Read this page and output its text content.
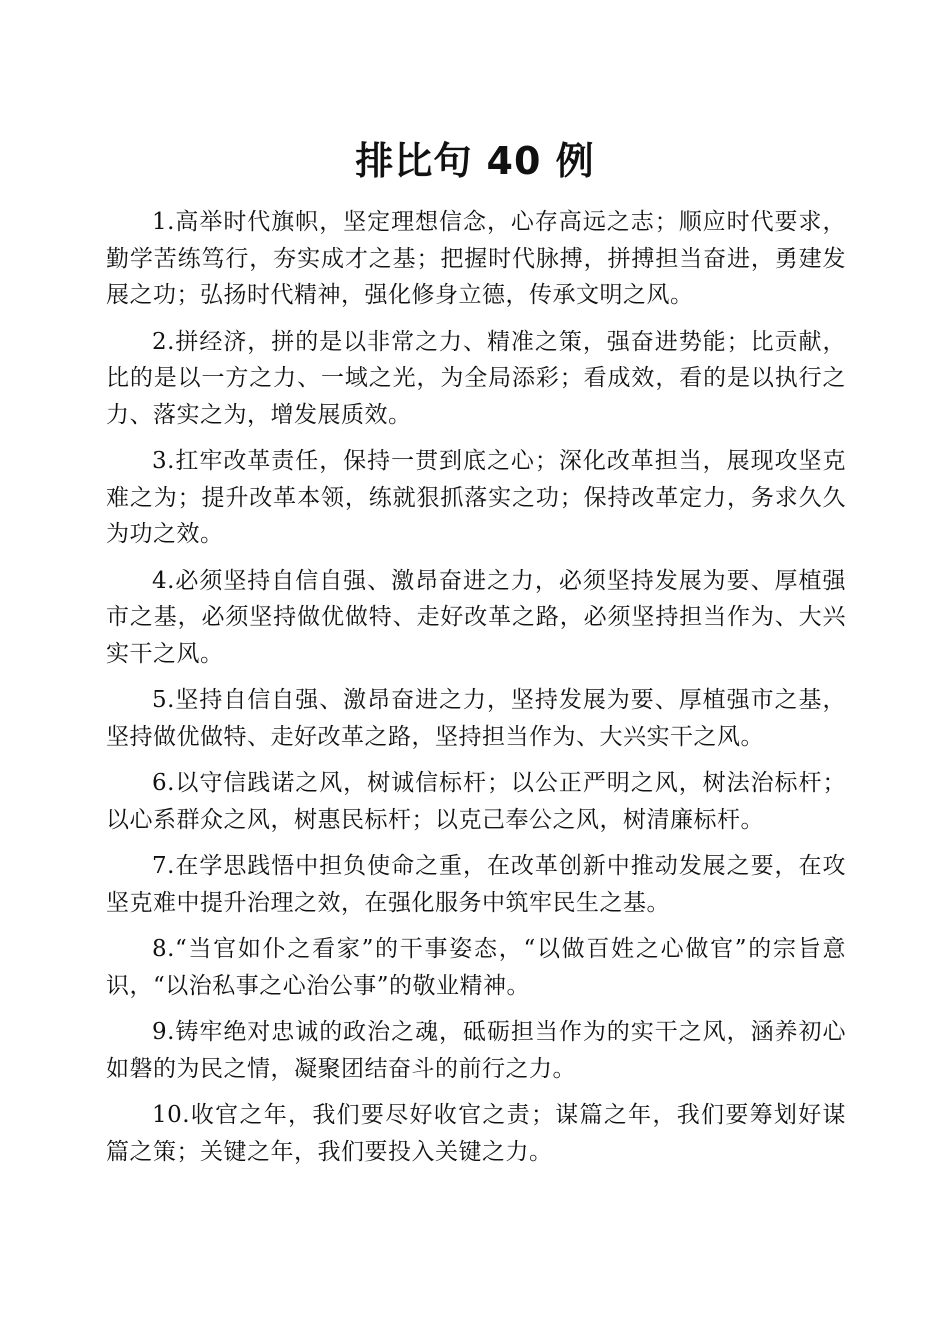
排比句 40 例

1.高举时代旗帜，坚定理想信念，心存高远之志；顺应时代要求，勤学苦练笃行，夯实成才之基；把握时代脉搏，拼搏担当奋进，勇建发展之功；弘扬时代精神，强化修身立德，传承文明之风。

2.拼经济，拼的是以非常之力、精准之策，强奋进势能；比贡献，比的是以一方之力、一域之光，为全局添彩；看成效，看的是以执行之力、落实之为，增发展质效。

3.扛牢改革责任，保持一贯到底之心；深化改革担当，展现攻坚克难之为；提升改革本领，练就狠抓落实之功；保持改革定力，务求久久为功之效。

4.必须坚持自信自强、激昂奋进之力，必须坚持发展为要、厚植强市之基，必须坚持做优做特、走好改革之路，必须坚持担当作为、大兴实干之风。

5.坚持自信自强、激昂奋进之力，坚持发展为要、厚植强市之基，坚持做优做特、走好改革之路，坚持担当作为、大兴实干之风。

6.以守信践诺之风，树诚信标杆；以公正严明之风，树法治标杆；以心系群众之风，树惠民标杆；以克己奉公之风，树清廉标杆。

7.在学思践悟中担负使命之重，在改革创新中推动发展之要，在攻坚克难中提升治理之效，在强化服务中筑牢民生之基。

8.“当官如仆之看家”的干事姿态，“以做百姓之心做官”的宗旨意识，“以治私事之心治公事”的敬业精神。

9.铸牢绝对忠诚的政治之魂，砥砺担当作为的实干之风，涵养初心如磐的为民之情，凝聚团结奋斗的前行之力。

10.收官之年，我们要尽好收官之责；谋篇之年，我们要筹划好谋篇之策；关键之年，我们要投入关键之力。
